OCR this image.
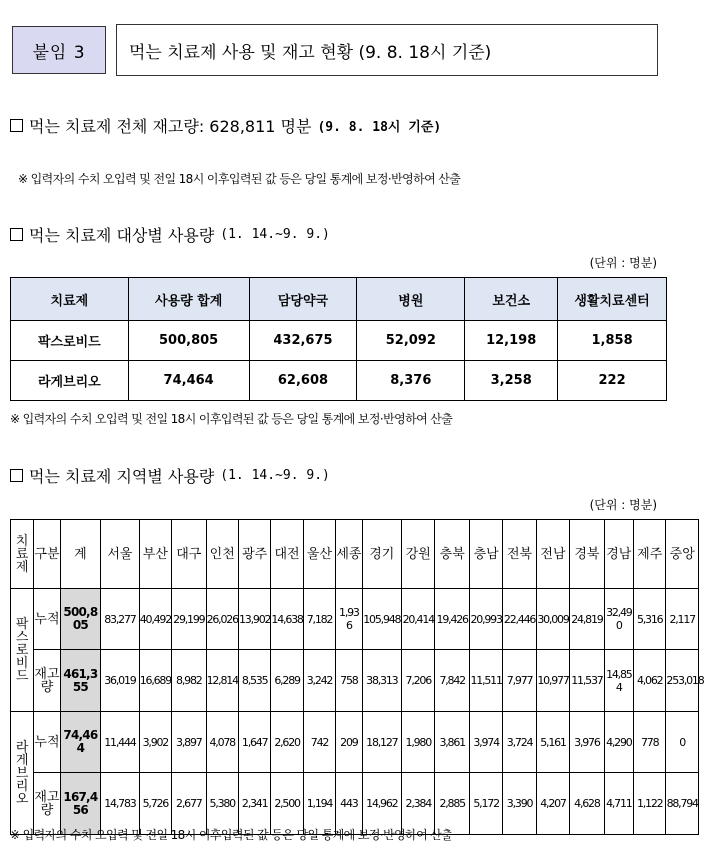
붙임 3	먹는 치료제 사용 및 재고 현황 (9. 8. 18시 기준)
먹는 치료제 전체 재고량: 628,811 명분 (9. 8. 18시 기준)
※ 입력자의 수치 오입력 및 전일 18시 이후입력된 값 등은 당일 통계에 보정·반영하여 산출
먹는 치료제 대상별 사용량 (1. 14.~9. 9.)
(단위 : 명분)
치료제	사용량 합계	담당약국	병원	보건소	생활치료센터
팍스로비드	500,805	432,675	52,092	12,198	1,858
라게브리오	74,464	62,608	8,376	3,258	222
※ 입력자의 수치 오입력 및 전일 18시 이후입력된 값 등은 당일 통계에 보정·반영하여 산출
먹는 치료제 지역별 사용량 (1. 14.~9. 9.)
(단위 : 명분)
치료제	구분	계	서울	부산	대구	인천	광주	대전	울산	세종	경기	강원	충북	충남	전북	전남	경북	경남	제주	중앙
팍스로비드	누적	500,805	83,277	40,492	29,199	26,026	13,902	14,638	7,182	1,936	105,948	20,414	19,426	20,993	22,446	30,009	24,819	32,490	5,316	2,117
	재고량	461,355	36,019	16,689	8,982	12,814	8,535	6,289	3,242	758	38,313	7,206	7,842	11,511	7,977	10,977	11,537	14,854	4,062	253,018
라게브리오	누적	74,464	11,444	3,902	3,897	4,078	1,647	2,620	742	209	18,127	1,980	3,861	3,974	3,724	5,161	3,976	4,290	778	0
	재고량	167,456	14,783	5,726	2,677	5,380	2,341	2,500	1,194	443	14,962	2,384	2,885	5,172	3,390	4,207	4,628	4,711	1,122	88,794
※ 입력자의 수치 오입력 및 전일 18시 이후입력된 값 등은 당일 통계에 보정·반영하여 산출
